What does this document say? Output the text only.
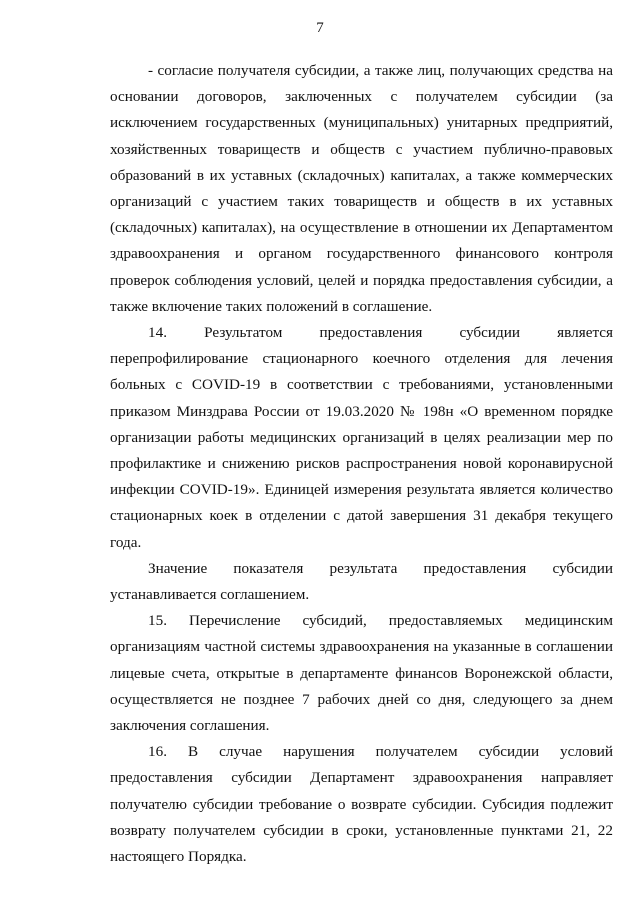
7

- согласие получателя субсидии, а также лиц, получающих средства на основании договоров, заключенных с получателем субсидии (за исключением государственных (муниципальных) унитарных предприятий, хозяйственных товариществ и обществ с участием публично-правовых образований в их уставных (складочных) капиталах, а также коммерческих организаций с участием таких товариществ и обществ в их уставных (складочных) капиталах), на осуществление в отношении их Департаментом здравоохранения и органом государственного финансового контроля проверок соблюдения условий, целей и порядка предоставления субсидии, а также включение таких положений в соглашение.

14. Результатом предоставления субсидии является перепрофилирование стационарного коечного отделения для лечения больных с COVID-19 в соответствии с требованиями, установленными приказом Минздрава России от 19.03.2020 № 198н «О временном порядке организации работы медицинских организаций в целях реализации мер по профилактике и снижению рисков распространения новой коронавирусной инфекции COVID-19». Единицей измерения результата является количество стационарных коек в отделении с датой завершения 31 декабря текущего года.

Значение показателя результата предоставления субсидии устанавливается соглашением.

15. Перечисление субсидий, предоставляемых медицинским организациям частной системы здравоохранения на указанные в соглашении лицевые счета, открытые в департаменте финансов Воронежской области, осуществляется не позднее 7 рабочих дней со дня, следующего за днем заключения соглашения.

16. В случае нарушения получателем субсидии условий предоставления субсидии Департамент здравоохранения направляет получателю субсидии требование о возврате субсидии. Субсидия подлежит возврату получателем субсидии в сроки, установленные пунктами 21, 22 настоящего Порядка.
